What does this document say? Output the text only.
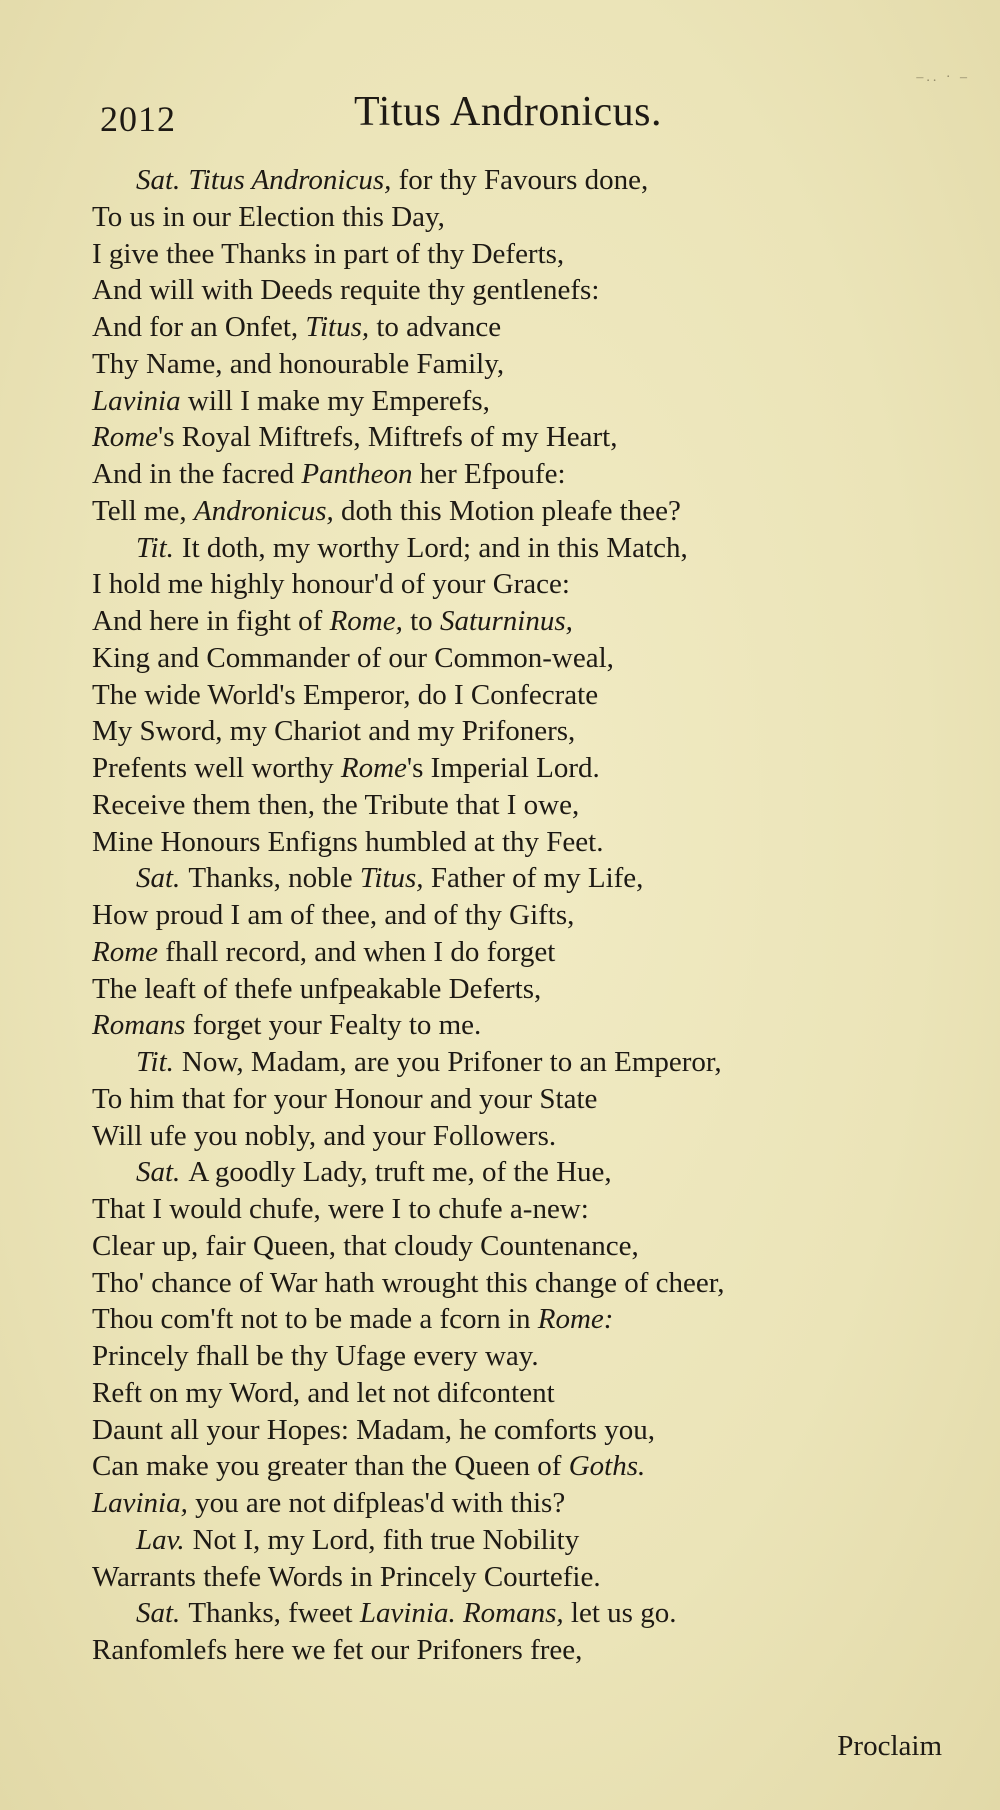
–.. · –
2012	Titus Andronicus.
Sat. Titus Andronicus, for thy Favours done,
To us in our Election this Day,
I give thee Thanks in part of thy Deferts,
And will with Deeds requite thy gentlenefs:
And for an Onfet, Titus, to advance
Thy Name, and honourable Family,
Lavinia will I make my Emperefs,
Rome's Royal Miftrefs, Miftrefs of my Heart,
And in the facred Pantheon her Efpoufe:
Tell me, Andronicus, doth this Motion pleafe thee?
Tit. It doth, my worthy Lord; and in this Match,
I hold me highly honour'd of your Grace:
And here in fight of Rome, to Saturninus,
King and Commander of our Common-weal,
The wide World's Emperor, do I Confecrate
My Sword, my Chariot and my Prifoners,
Prefents well worthy Rome's Imperial Lord.
Receive them then, the Tribute that I owe,
Mine Honours Enfigns humbled at thy Feet.
Sat. Thanks, noble Titus, Father of my Life,
How proud I am of thee, and of thy Gifts,
Rome fhall record, and when I do forget
The leaft of thefe unfpeakable Deferts,
Romans forget your Fealty to me.
Tit. Now, Madam, are you Prifoner to an Emperor,
To him that for your Honour and your State
Will ufe you nobly, and your Followers.
Sat. A goodly Lady, truft me, of the Hue,
That I would chufe, were I to chufe a-new:
Clear up, fair Queen, that cloudy Countenance,
Tho' chance of War hath wrought this change of cheer,
Thou com'ft not to be made a fcorn in Rome:
Princely fhall be thy Ufage every way.
Reft on my Word, and let not difcontent
Daunt all your Hopes: Madam, he comforts you,
Can make you greater than the Queen of Goths.
Lavinia, you are not difpleas'd with this?
Lav. Not I, my Lord, fith true Nobility
Warrants thefe Words in Princely Courtefie.
Sat. Thanks, fweet Lavinia. Romans, let us go.
Ranfomlefs here we fet our Prifoners free,
Proclaim
